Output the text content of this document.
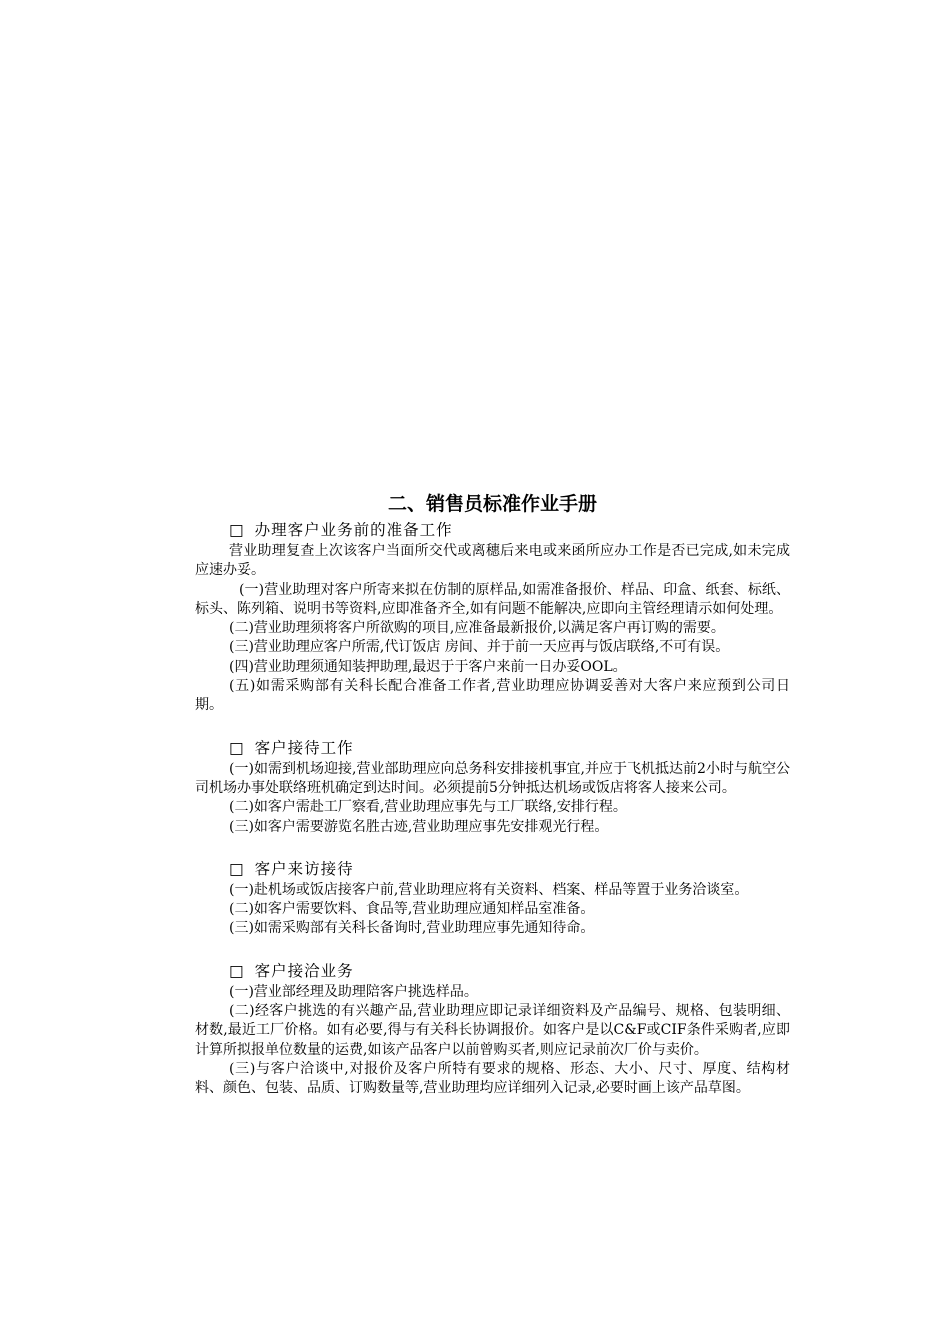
二、销售员标准作业手册
□ 办理客户业务前的准备工作

营业助理复查上次该客户当面所交代或离穗后来电或来函所应办工作是否已完成,如未完成应速办妥。

(一)营业助理对客户所寄来拟在仿制的原样品,如需准备报价、样品、印盒、纸套、标纸、标头、陈列箱、说明书等资料,应即准备齐全,如有问题不能解决,应即向主管经理请示如何处理。

(二)营业助理须将客户所欲购的项目,应准备最新报价,以满足客户再订购的需要。

(三)营业助理应客户所需,代订饭店 房间、并于前一天应再与饭店联络,不可有误。

(四)营业助理须通知装押助理,最迟于于客户来前一日办妥OOL。

(五)如需采购部有关科长配合准备工作者,营业助理应协调妥善对大客户来应预到公司日期。

□ 客户接待工作

(一)如需到机场迎接,营业部助理应向总务科安排接机事宜,并应于飞机抵达前2小时与航空公司机场办事处联络班机确定到达时间。必须提前5分钟抵达机场或饭店将客人接来公司。

(二)如客户需赴工厂察看,营业助理应事先与工厂联络,安排行程。

(三)如客户需要游览名胜古迹,营业助理应事先安排观光行程。

□ 客户来访接待

(一)赴机场或饭店接客户前,营业助理应将有关资料、档案、样品等置于业务洽谈室。

(二)如客户需要饮料、食品等,营业助理应通知样品室准备。

(三)如需采购部有关科长备询时,营业助理应事先通知待命。

□ 客户接洽业务

(一)营业部经理及助理陪客户挑选样品。

(二)经客户挑选的有兴趣产品,营业助理应即记录详细资料及产品编号、规格、包装明细、材数,最近工厂价格。如有必要,得与有关科长协调报价。如客户是以C&F或CIF条件采购者,应即计算所拟报单位数量的运费,如该产品客户以前曾购买者,则应记录前次厂价与卖价。

(三)与客户洽谈中,对报价及客户所特有要求的规格、形态、大小、尺寸、厚度、结构材料、颜色、包装、品质、订购数量等,营业助理均应详细列入记录,必要时画上该产品草图。
